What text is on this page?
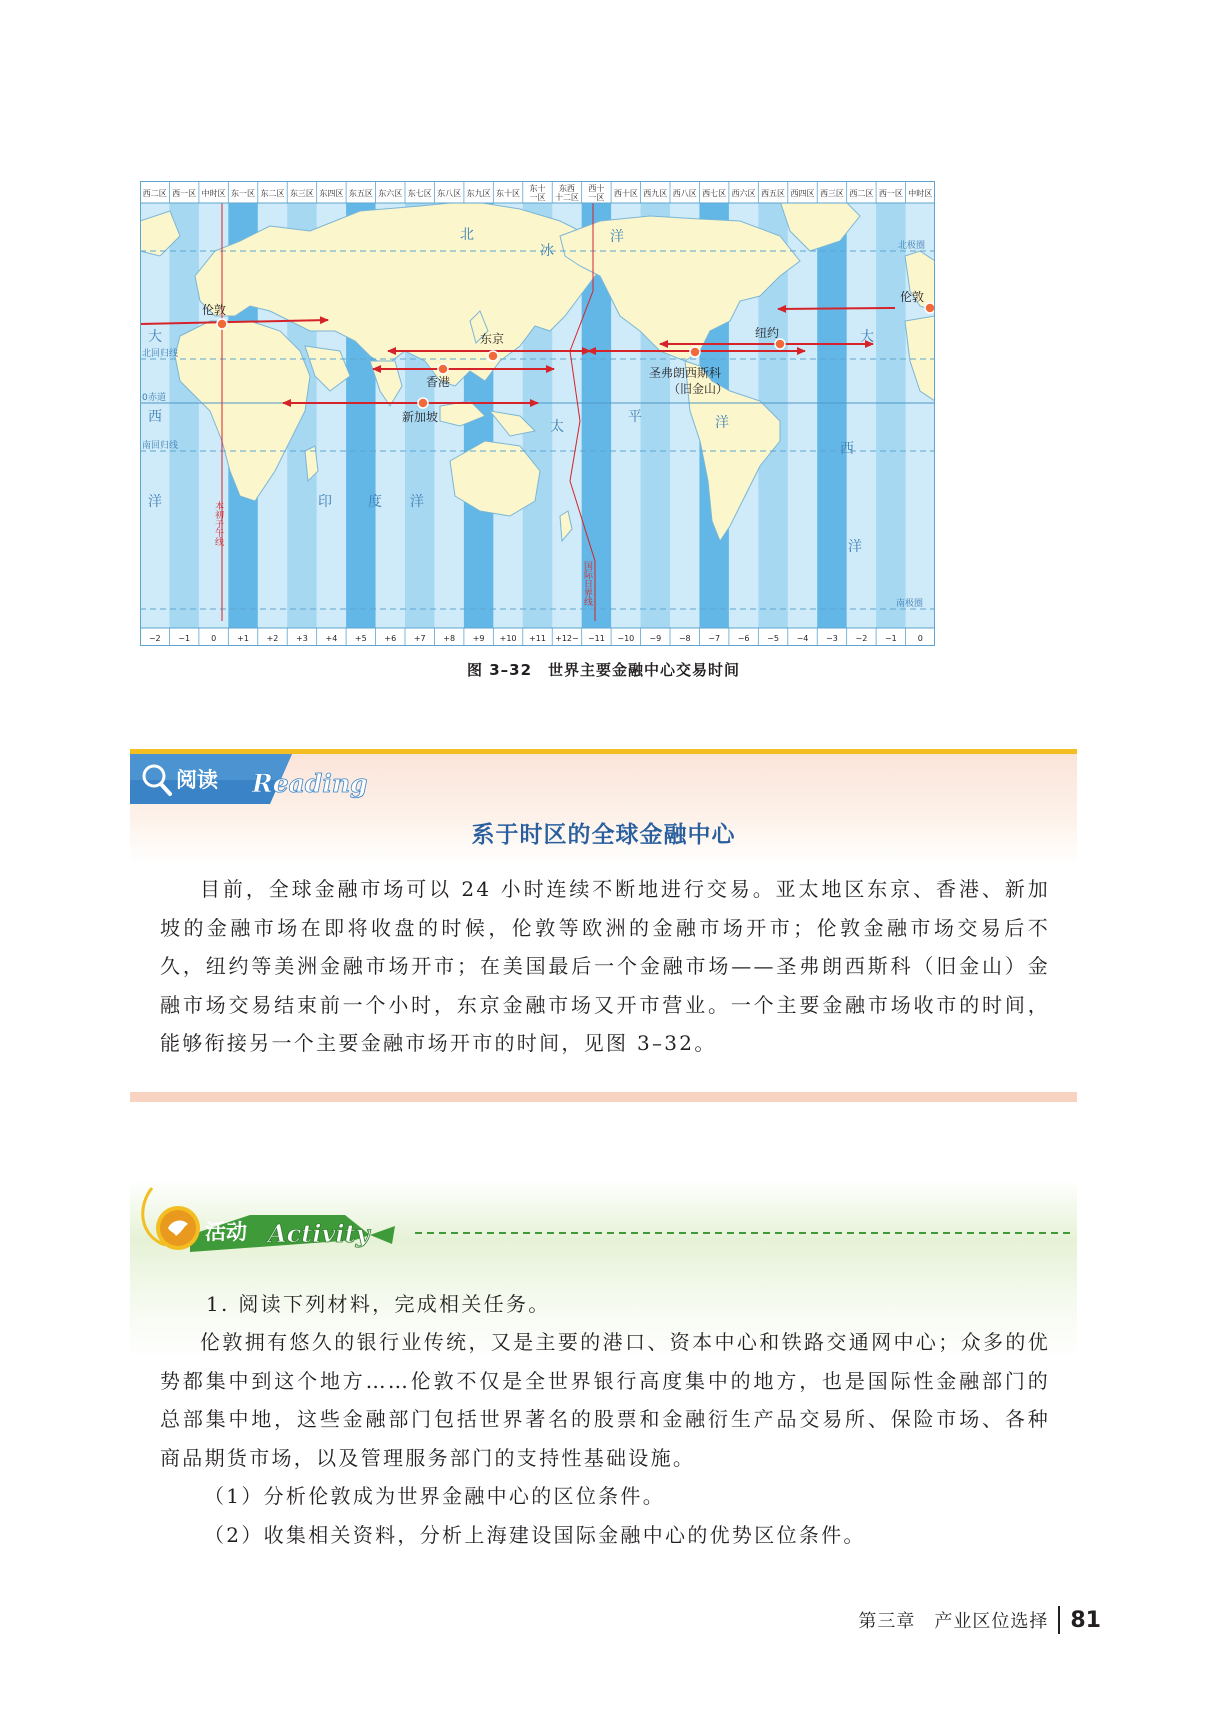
西二区 西一区 中时区 东一区 东二区 东三区 东四区 东五区 东六区 东七区 东八区 东九区 东十区
东十一区
东西十二区
西十一区 西十区 西九区 西八区 西七区 西六区 西五区 西四区 西三区 西二区 西一区 中时区
−2 −1	0	+1 +2 +3 +4 +5 +6 +7 +8 +9 +10 +11 +12− −11 −10 −9 −8 −7 −6 −5 −4 −3 −2 −1	0
北极圈
北回归线
0 赤道
南回归线
南极圈
本初子午线
国际日界线
大
西
洋
北
冰
洋
印	度 洋
太
平	洋
大
西
洋
伦敦
东京
香港
新加坡
圣弗朗西斯科
（旧金山）
纽约
伦敦
图 3–32　世界主要金融中心交易时间
阅读 Reading
系于时区的全球金融中心

目前，全球金融市场可以 24 小时连续不断地进行交易。亚太地区东京、香港、新加坡的金融市场在即将收盘的时候，伦敦等欧洲的金融市场开市；伦敦金融市场交易后不久，纽约等美洲金融市场开市；在美国最后一个金融市场——圣弗朗西斯科（旧金山）金融市场交易结束前一个小时，东京金融市场又开市营业。一个主要金融市场收市的时间，能够衔接另一个主要金融市场开市的时间，见图 3–32。

活动 Activity

1. 阅读下列材料，完成相关任务。

伦敦拥有悠久的银行业传统，又是主要的港口、资本中心和铁路交通网中心；众多的优势都集中到这个地方……伦敦不仅是全世界银行高度集中的地方，也是国际性金融部门的总部集中地，这些金融部门包括世界著名的股票和金融衍生产品交易所、保险市场、各种商品期货市场，以及管理服务部门的支持性基础设施。

（1）分析伦敦成为世界金融中心的区位条件。

（2）收集相关资料，分析上海建设国际金融中心的优势区位条件。

第三章　产业区位选择 81
